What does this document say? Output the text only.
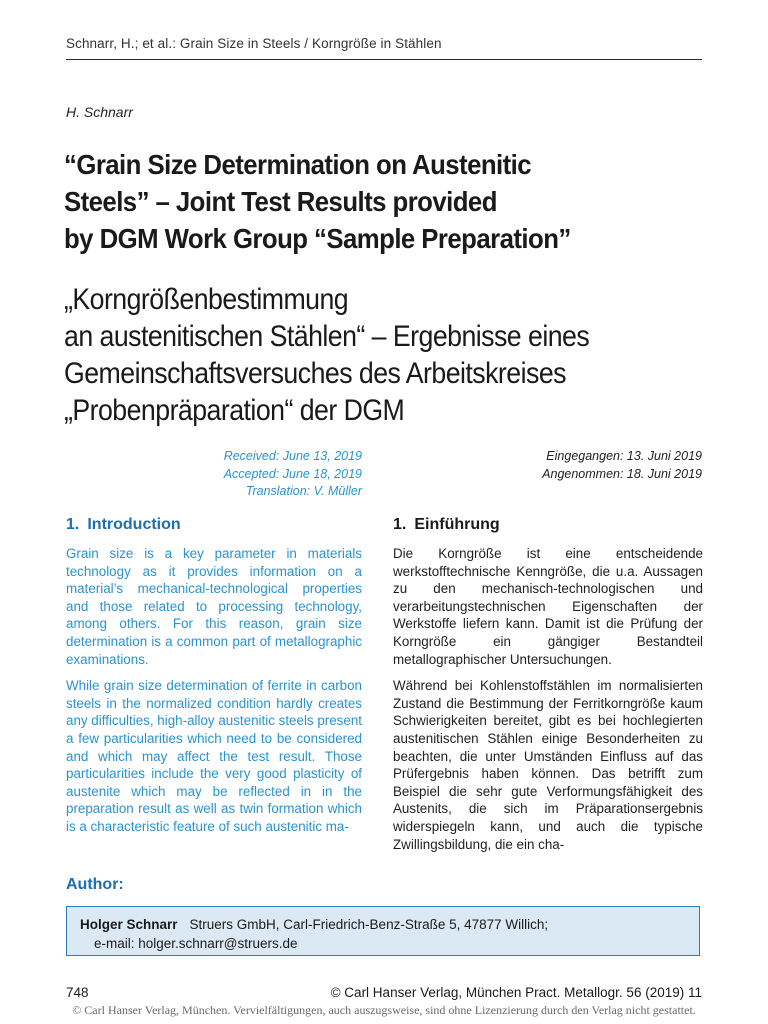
Schnarr, H.; et al.: Grain Size in Steels / Korngröße in Stählen
H. Schnarr
“Grain Size Determination on Austenitic
Steels” – Joint Test Results provided
by DGM Work Group “Sample Preparation”
„Korngrößenbestimmung
an austenitischen Stählen“ – Ergebnisse eines
Gemeinschaftsversuches des Arbeitskreises
„Probenpräparation“ der DGM
Received: June 13, 2019
Accepted: June 18, 2019
Translation: V. Müller
Eingegangen: 13. Juni 2019
Angenommen: 18. Juni 2019
1. Introduction

Grain size is a key parameter in materials technology as it provides information on a material’s mechanical-technological properties and those related to processing technology, among others. For this reason, grain size determination is a common part of metallographic examinations.

While grain size determination of ferrite in carbon steels in the normalized condition hardly creates any difficulties, high-alloy austenitic steels present a few particularities which need to be considered and which may affect the test result. Those particularities include the very good plasticity of austenite which may be reflected in in the preparation result as well as twin formation which is a characteristic feature of such austenitic ma-

1. Einführung

Die Korngröße ist eine entscheidende werkstofftechnische Kenngröße, die u.a. Aussagen zu den mechanisch-technologischen und verarbeitungstechnischen Eigenschaften der Werkstoffe liefern kann. Damit ist die Prüfung der Korngröße ein gängiger Bestandteil metallographischer Untersuchungen.

Während bei Kohlenstoffstählen im normalisierten Zustand die Bestimmung der Ferritkorngröße kaum Schwierigkeiten bereitet, gibt es bei hochlegierten austenitischen Stählen einige Besonderheiten zu beachten, die unter Umständen Einfluss auf das Prüfergebnis haben können. Das betrifft zum Beispiel die sehr gute Verformungsfähigkeit des Austenits, die sich im Präparationsergebnis widerspiegeln kann, und auch die typische Zwillingsbildung, die ein cha-

Author:
Holger Schnarr Struers GmbH, Carl-Friedrich-Benz-Straße 5, 47877 Willich;
e-mail: holger.schnarr@struers.de
748	© Carl Hanser Verlag, München Pract. Metallogr. 56 (2019) 11
© Carl Hanser Verlag, München. Vervielfältigungen, auch auszugsweise, sind ohne Lizenzierung durch den Verlag nicht gestattet.
